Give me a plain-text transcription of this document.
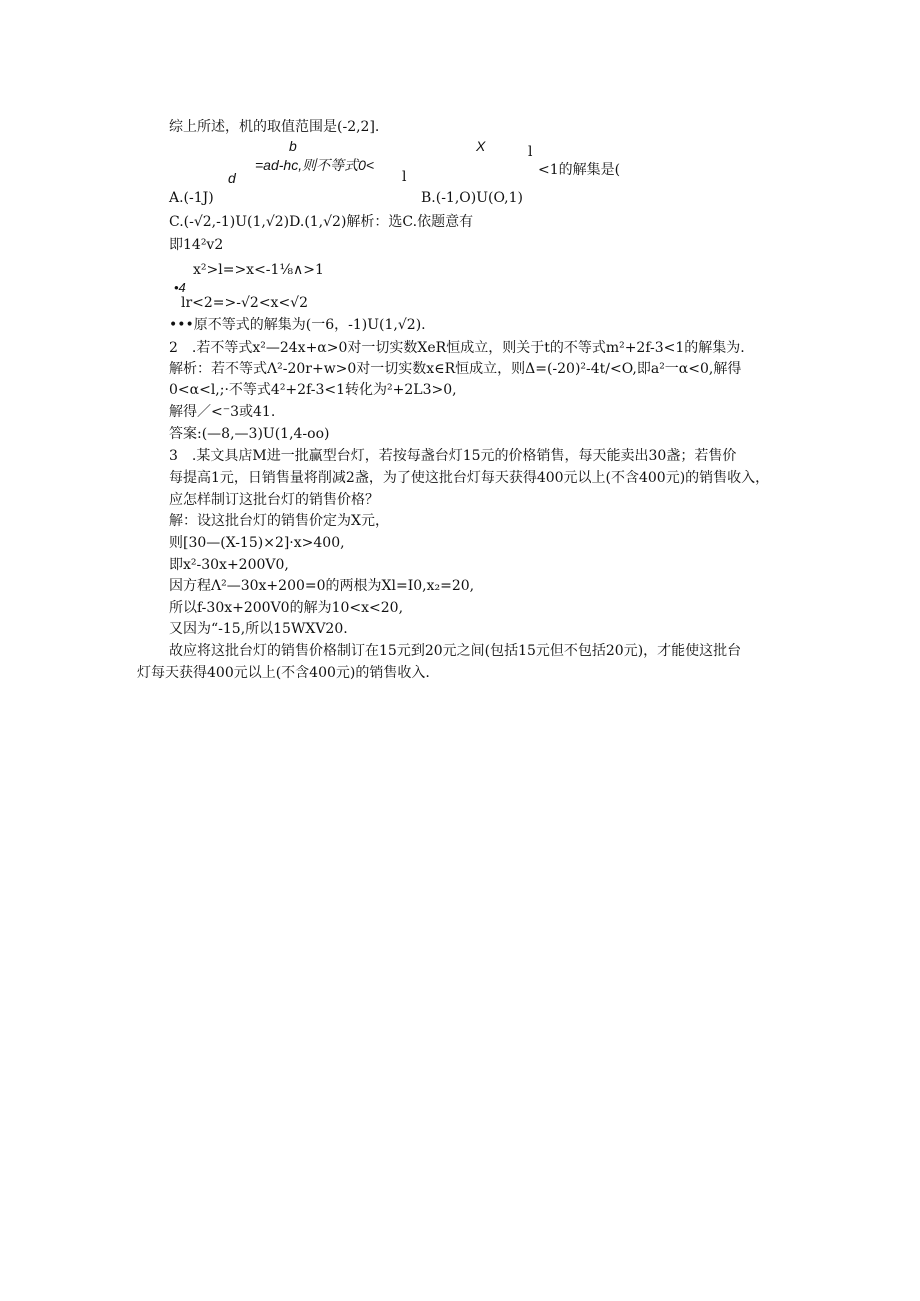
综上所述，机的取值范围是(-2,2].
b	X	l
=ad-hc,则不等式0<	<1的解集是(
d	l
A.(-1J)	B.(-1,O)U(O,1)
C.(-√2,-1)U(1,√2)D.(1,√2)解析：选C.依题意有
即14²v2
x²>l=>x<-1⅛∧>1
•4
lr<2=>-√2<x<√2
•••原不等式的解集为(一6，-1)U(1,√2).
2　.若不等式x²—24x+α>0对一切实数XeR恒成立，则关于t的不等式m²+2f-3<1的解集为.
解析：若不等式Λ²-20r+w>0对一切实数x∈R恒成立，则Δ=(-20)²-4t∕<O,即a²一α<0,解得
0<α<l,;·不等式4²+2f-3<1转化为²+2L3>0,
解得／<⁻3或41.
答案:(—8,—3)U(1,4-oo)
3　.某文具店M进一批赢型台灯，若按每盏台灯15元的价格销售，每天能卖出30盏；若售价
每提高1元，日销售量将削减2盏，为了使这批台灯每天获得400元以上(不含400元)的销售收入，
应怎样制订这批台灯的销售价格？
解：设这批台灯的销售价定为X元，
则[30—(X-15)×2]·x>400,
即x²-30x+200V0,
因方程Λ²—30x+200=0的两根为Xl=I0,x₂=20,
所以f-30x+200V0的解为10<x<20,
又因为“-15,所以15WXV20.
故应将这批台灯的销售价格制订在15元到20元之间(包括15元但不包括20元)，才能使这批台
灯每天获得400元以上(不含400元)的销售收入.
